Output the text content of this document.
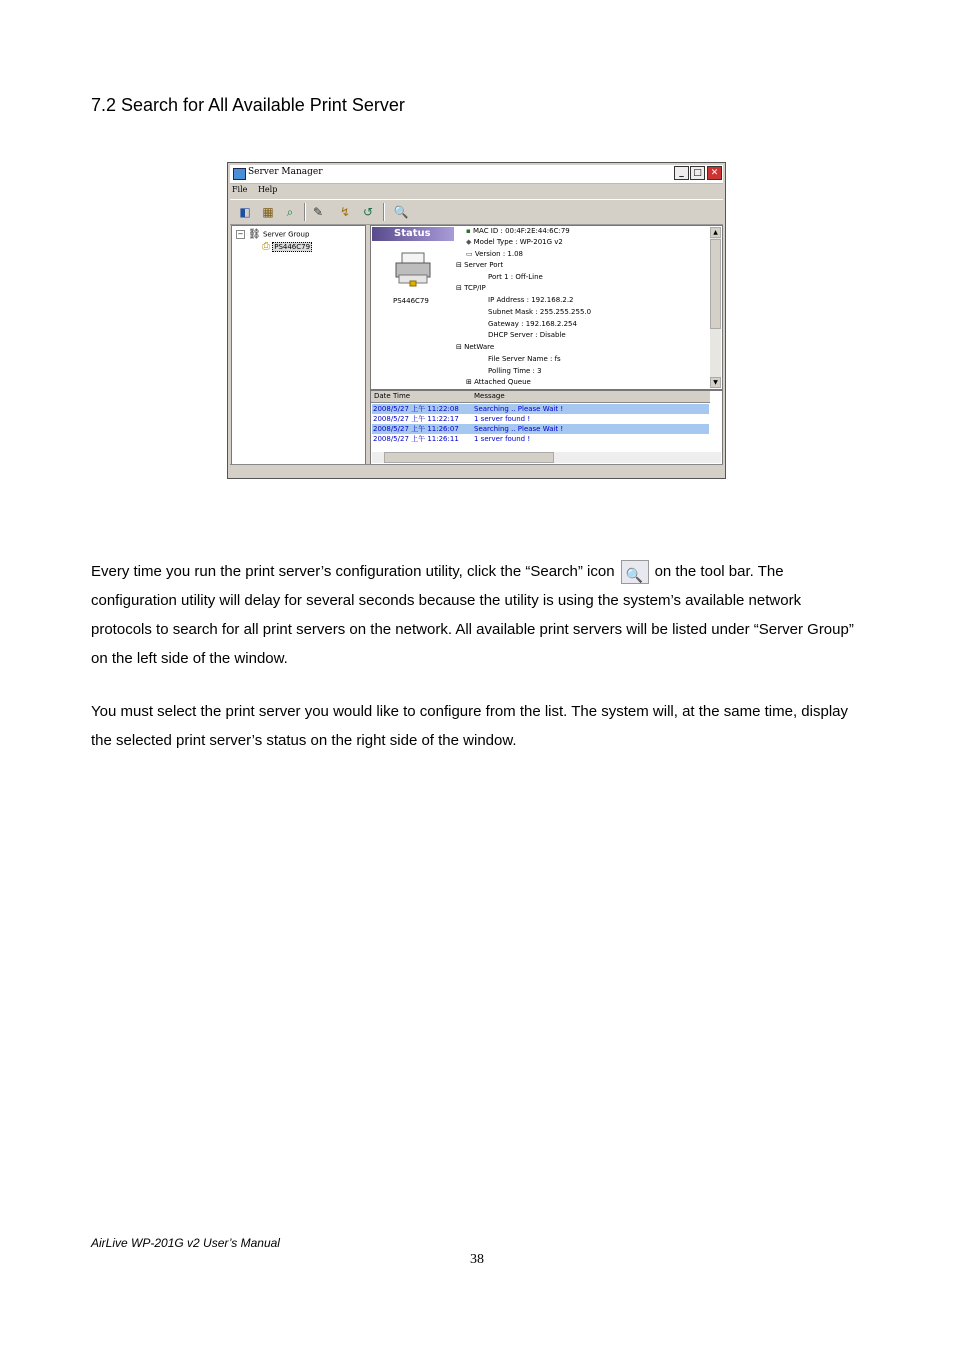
7.2 Search for All Available Print Server
Server Manager	_	□ ✕
File Help
◧ ▦	⌕	✎ ↯ ↺ 🔍
− ⛓ Server Group
⎙ PS446C79
Status
PS446C79
▪ MAC ID : 00:4F:2E:44:6C:79
◆ Model Type : WP-201G v2
▭ Version : 1.08
⊟ Server Port
Port 1 : Off-Line
⊟ TCP/IP
IP Address : 192.168.2.2
Subnet Mask : 255.255.255.0
Gateway : 192.168.2.254
DHCP Server : Disable
⊟ NetWare
File Server Name : fs
Polling Time : 3
⊞ Attached Queue
▲
▼
Date Time	Message
2008/5/27 上午 11:22:08 Searching .. Please Wait !
2008/5/27 上午 11:22:17 1 server found !
2008/5/27 上午 11:26:07 Searching .. Please Wait !
2008/5/27 上午 11:26:11 1 server found !
Every time you run the print server’s configuration utility, click the “Search” icon 🔍 on the tool bar. The configuration utility will delay for several seconds because the utility is using the system’s available network protocols to search for all print servers on the network. All available print servers will be listed under “Server Group” on the left side of the window.
You must select the print server you would like to configure from the list. The system will, at the same time, display the selected print server’s status on the right side of the window.
AirLive WP-201G v2 User’s Manual
38
